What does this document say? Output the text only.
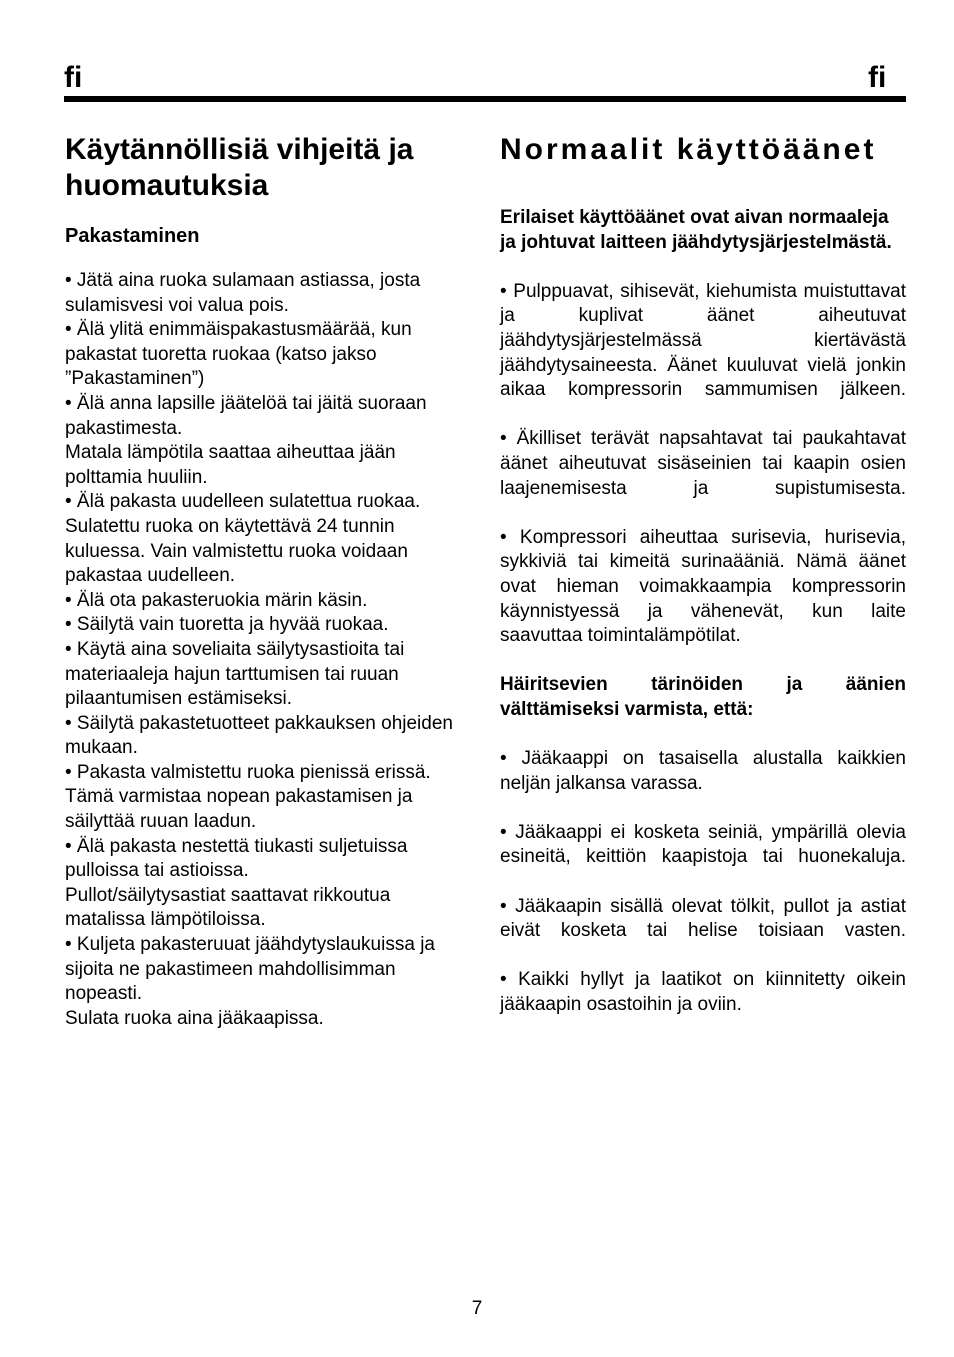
fi	fi
Käytännöllisiä vihjeitä ja
huomautuksia
Pakastaminen
• Jätä aina ruoka sulamaan astiassa, josta
sulamisvesi voi valua pois.
• Älä ylitä enimmäispakastusmäärää, kun
pakastat tuoretta ruokaa (katso jakso
”Pakastaminen”)
• Älä anna lapsille jäätelöä tai jäitä suoraan
pakastimesta.
Matala lämpötila saattaa aiheuttaa jään
polttamia huuliin.
• Älä pakasta uudelleen sulatettua ruokaa.
Sulatettu ruoka on käytettävä 24 tunnin
kuluessa. Vain valmistettu ruoka voidaan
pakastaa uudelleen.
• Älä ota pakasteruokia märin käsin.
• Säilytä vain tuoretta ja hyvää ruokaa.
• Käytä aina soveliaita säilytysastioita tai
materiaaleja hajun tarttumisen tai ruuan
pilaantumisen estämiseksi.
• Säilytä pakastetuotteet pakkauksen ohjeiden
mukaan.
• Pakasta valmistettu ruoka pienissä erissä.
Tämä varmistaa nopean pakastamisen ja
säilyttää ruuan laadun.
• Älä pakasta nestettä tiukasti suljetuissa
pulloissa tai astioissa.
Pullot/säilytysastiat saattavat rikkoutua
matalissa lämpötiloissa.
• Kuljeta pakasteruuat jäähdytyslaukuissa ja
sijoita ne pakastimeen mahdollisimman
nopeasti.
Sulata ruoka aina jääkaapissa.
Normaalit käyttöäänet
Erilaiset käyttöäänet ovat aivan normaaleja
ja johtuvat laitteen jäähdytysjärjestelmästä.
• Pulppuavat, sihisevät, kiehumista muistuttavat
ja kuplivat äänet aiheutuvat
jäähdytysjärjestelmässä kiertävästä
jäähdytysaineesta. Äänet kuuluvat vielä jonkin
aikaa kompressorin sammumisen jälkeen.
• Äkilliset terävät napsahtavat tai paukahtavat
äänet aiheutuvat sisäseinien tai kaapin osien
laajenemisesta ja supistumisesta.
• Kompressori aiheuttaa surisevia, hurisevia,
sykkiviä tai kimeitä surinaääniä. Nämä äänet
ovat hieman voimakkaampia kompressorin
käynnistyessä ja vähenevät, kun laite
saavuttaa toimintalämpötilat.
Häiritsevien tärinöiden ja äänien
välttämiseksi varmista, että:
• Jääkaappi on tasaisella alustalla kaikkien
neljän jalkansa varassa.
• Jääkaappi ei kosketa seiniä, ympärillä olevia
esineitä, keittiön kaapistoja tai huonekaluja.
• Jääkaapin sisällä olevat tölkit, pullot ja astiat
eivät kosketa tai helise toisiaan vasten.
• Kaikki hyllyt ja laatikot on kiinnitetty oikein
jääkaapin osastoihin ja oviin.
7
